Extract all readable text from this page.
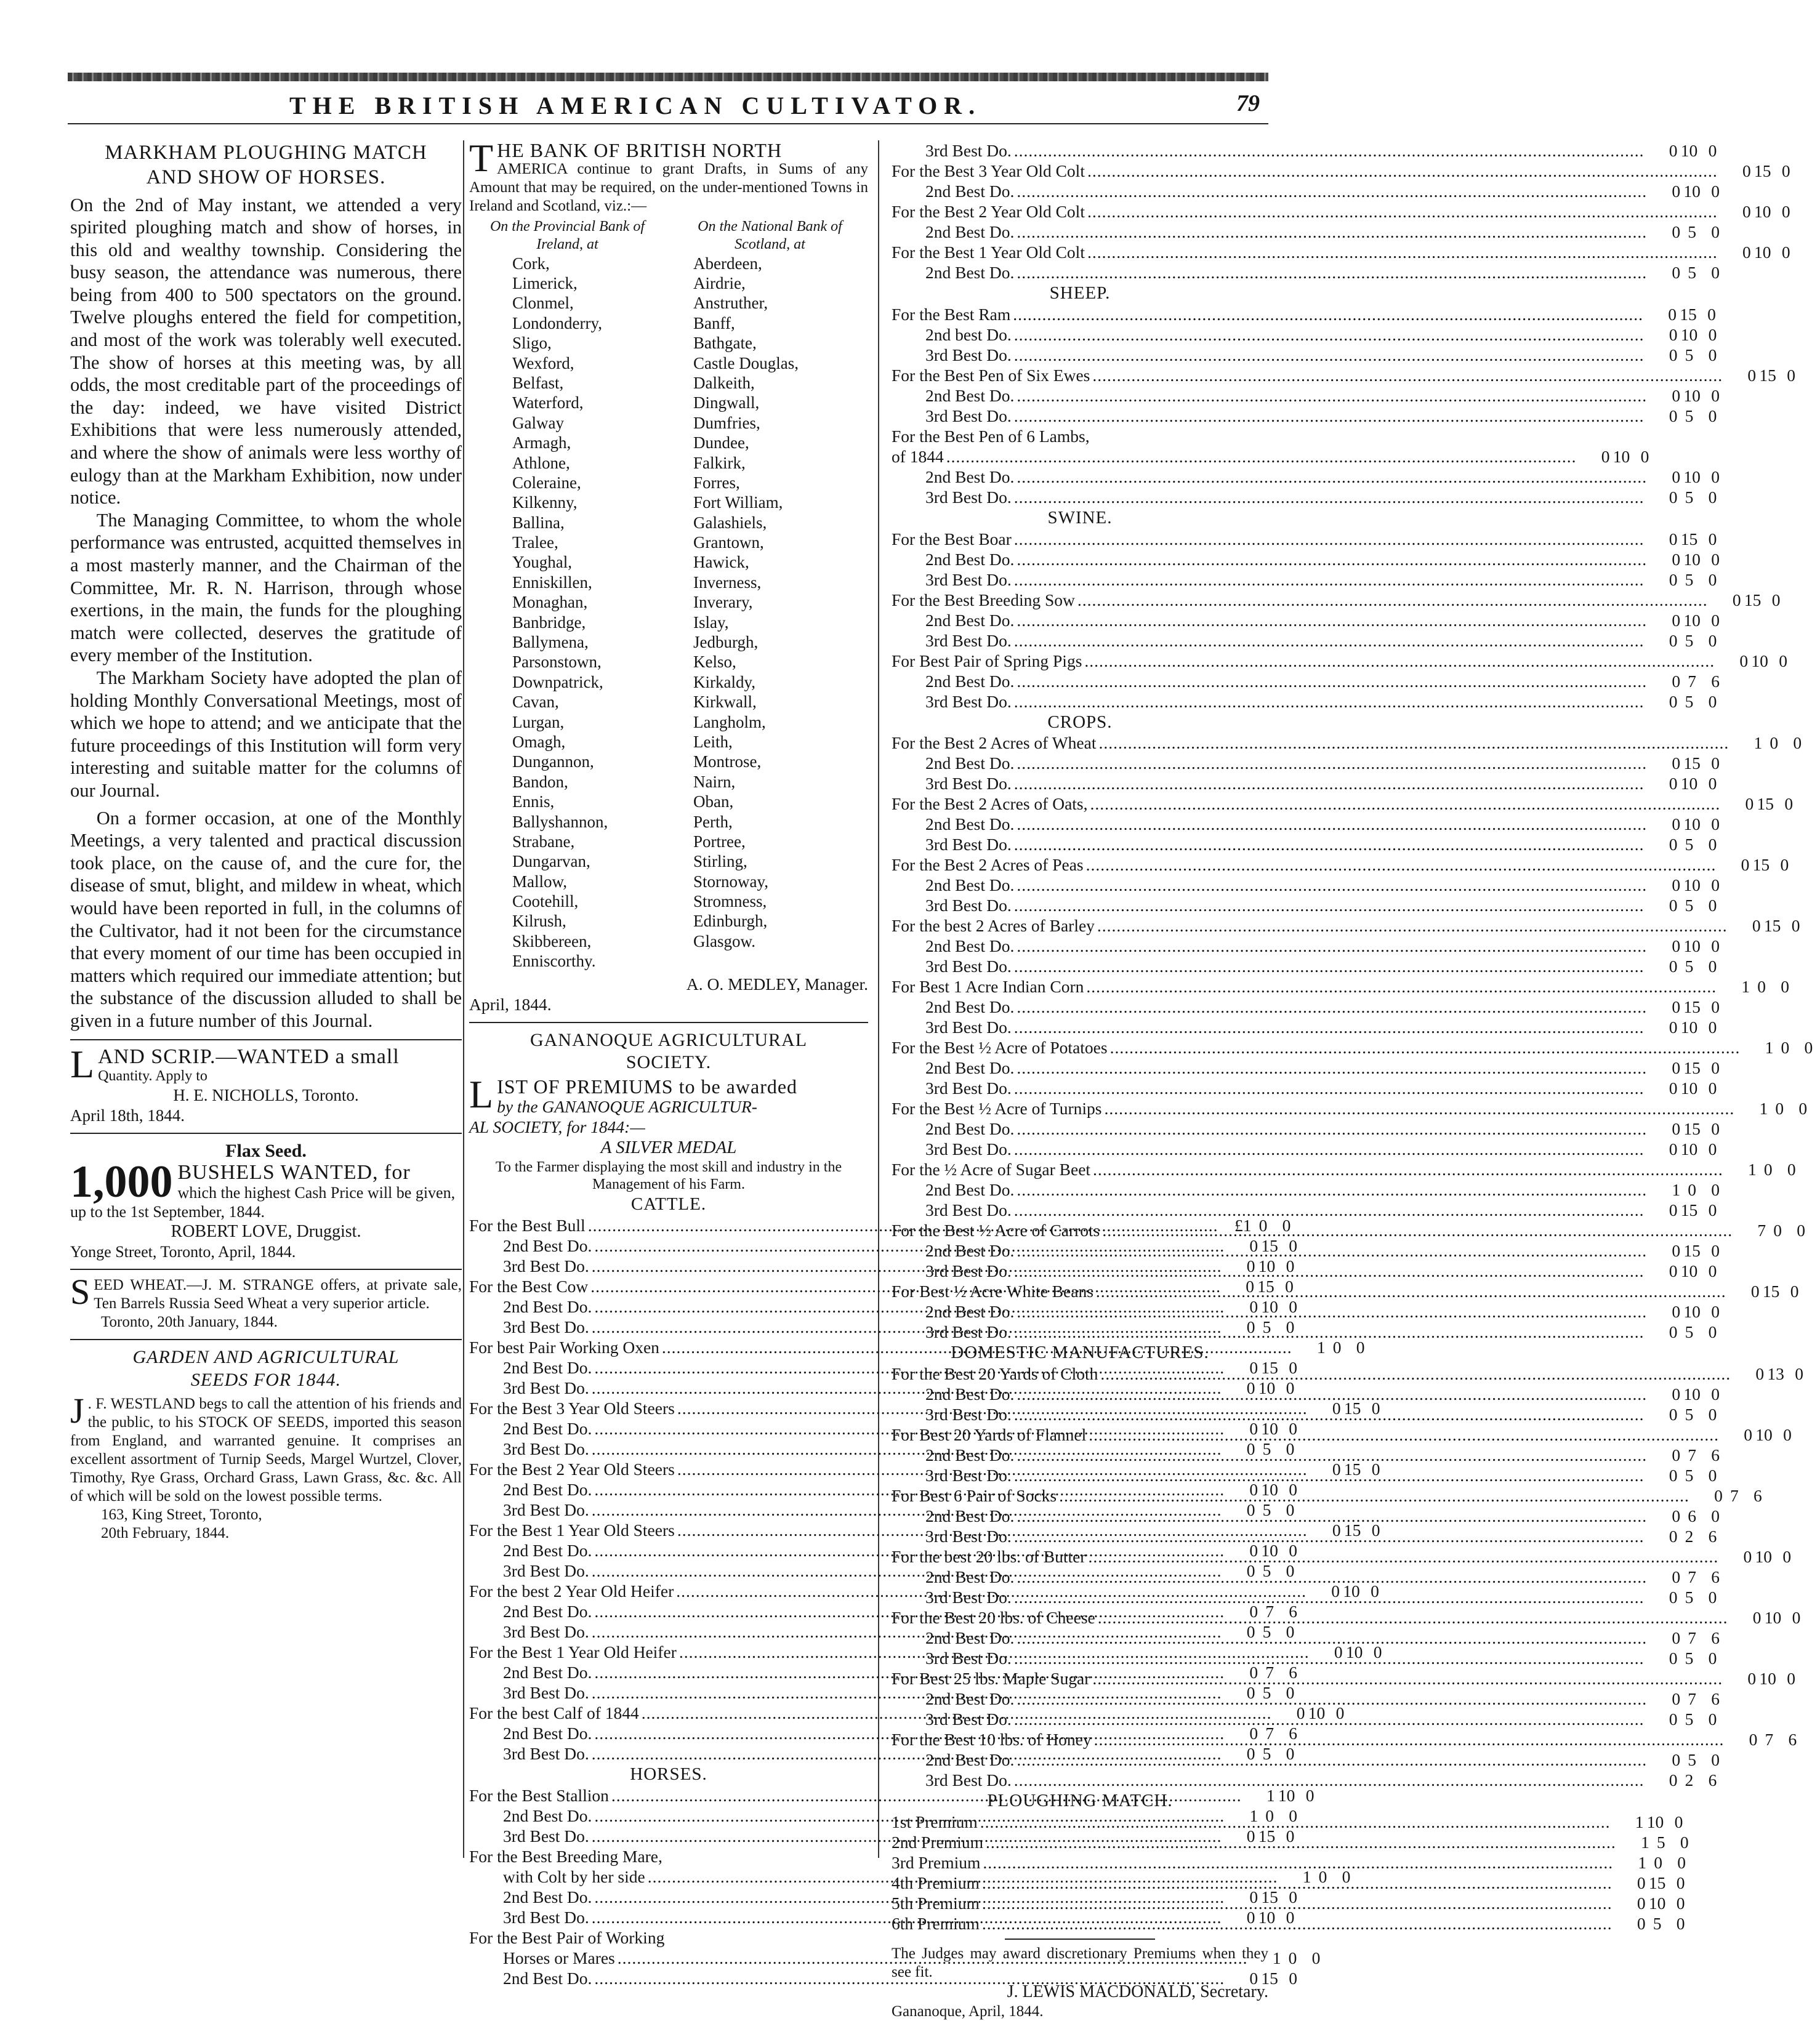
THE BRITISH AMERICAN CULTIVATOR.	79
MARKHAM PLOUGHING MATCH
AND SHOW OF HORSES.
On the 2nd of May instant, we attended a very spirited ploughing match and show of horses, in this old and wealthy township. Considering the busy season, the attendance was numerous, there being from 400 to 500 spectators on the ground. Twelve ploughs entered the field for competition, and most of the work was tolerably well executed. The show of horses at this meeting was, by all odds, the most creditable part of the proceedings of the day: indeed, we have visited District Exhibitions that were less numerously attended, and where the show of animals were less worthy of eulogy than at the Markham Exhibition, now under notice.
The Managing Committee, to whom the whole performance was entrusted, acquitted themselves in a most masterly manner, and the Chairman of the Committee, Mr. R. N. Harrison, through whose exertions, in the main, the funds for the ploughing match were collected, deserves the gratitude of every member of the Institution.
The Markham Society have adopted the plan of holding Monthly Conversational Meetings, most of which we hope to attend; and we anticipate that the future proceedings of this Institution will form very interesting and suitable matter for the columns of our Journal.
On a former occasion, at one of the Monthly Meetings, a very talented and practical discussion took place, on the cause of, and the cure for, the disease of smut, blight, and mildew in wheat, which would have been reported in full, in the columns of the Cultivator, had it not been for the circumstance that every moment of our time has been occupied in matters which required our immediate attention; but the substance of the discussion alluded to shall be given in a future number of this Journal.
L AND SCRIP.—WANTED a small
Quantity. Apply to
H. E. NICHOLLS, Toronto.
April 18th, 1844.
Flax Seed.
1,000 BUSHELS WANTED, for
which the highest Cash Price will be given, up to the 1st September, 1844.
ROBERT LOVE, Druggist.
Yonge Street, Toronto, April, 1844.
S EED WHEAT.—J. M. STRANGE offers, at private sale, Ten Barrels Russia Seed Wheat a very superior article.
Toronto, 20th January, 1844.
GARDEN AND AGRICULTURAL
SEEDS FOR 1844.
J . F. WESTLAND begs to call the attention of his friends and the public, to his STOCK OF SEEDS, imported this season from England, and warranted genuine. It comprises an excellent assortment of Turnip Seeds, Margel Wurtzel, Clover, Timothy, Rye Grass, Orchard Grass, Lawn Grass, &c. &c. All of which will be sold on the lowest possible terms.
163, King Street, Toronto,
20th February, 1844.
T HE BANK OF BRITISH NORTH
AMERICA continue to grant Drafts, in Sums of any Amount that may be required, on the under-mentioned Towns in Ireland and Scotland, viz.:—
On the Provincial Bank of Ireland, at
On the National Bank of Scotland, at
Cork,	Aberdeen,
Limerick,	Airdrie,
Clonmel,	Anstruther,
Londonderry,	Banff,
Sligo,	Bathgate,
Wexford,	Castle Douglas,
Belfast,	Dalkeith,
Waterford,	Dingwall,
Galway	Dumfries,
Armagh,	Dundee,
Athlone,	Falkirk,
Coleraine,	Forres,
Kilkenny,	Fort William,
Ballina,	Galashiels,
Tralee,	Grantown,
Youghal,	Hawick,
Enniskillen,	Inverness,
Monaghan,	Inverary,
Banbridge,	Islay,
Ballymena,	Jedburgh,
Parsonstown,	Kelso,
Downpatrick,	Kirkaldy,
Cavan,	Kirkwall,
Lurgan,	Langholm,
Omagh,	Leith,
Dungannon,	Montrose,
Bandon,	Nairn,
Ennis,	Oban,
Ballyshannon,	Perth,
Strabane,	Portree,
Dungarvan,	Stirling,
Mallow,	Stornoway,
Cootehill,	Stromness,
Kilrush,	Edinburgh,
Skibbereen,	Glasgow.
Enniscorthy.
A. O. MEDLEY, Manager.
April, 1844.
GANANOQUE AGRICULTURAL
SOCIETY.
L IST OF PREMIUMS to be awarded
by the GANANOQUE AGRICULTUR-
AL SOCIETY, for 1844:—
A SILVER MEDAL
To the Farmer displaying the most skill and industry in the Management of his Farm.
CATTLE.
For the Best Bull .....	£1 0 0
2nd Best Do. .....	0 15 0
3rd Best Do. .....	0 10 0
For the Best Cow .....	0 15 0
2nd Best Do. .....	0 10 0
3rd Best Do. .....	0 5 0
For best Pair Working Oxen .....	1 0 0
2nd Best Do. .....	0 15 0
3rd Best Do. .....	0 10 0
For the Best 3 Year Old Steers .....	0 15 0
2nd Best Do. .....	0 10 0
3rd Best Do. .....	0 5 0
For the Best 2 Year Old Steers .....	0 15 0
2nd Best Do. .....	0 10 0
3rd Best Do. .....	0 5 0
For the Best 1 Year Old Steers .....	0 15 0
2nd Best Do. .....	0 10 0
3rd Best Do. .....	0 5 0
For the best 2 Year Old Heifer .....	0 10 0
2nd Best Do. .....	0 7 6
3rd Best Do. .....	0 5 0
For the Best 1 Year Old Heifer .....	0 10 0
2nd Best Do. .....	0 7 6
3rd Best Do. .....	0 5 0
For the best Calf of 1844 .....	0 10 0
2nd Best Do. .....	0 7 6
3rd Best Do. .....	0 5 0
HORSES.
For the Best Stallion .....	1 10 0
2nd Best Do. .....	1 0 0
3rd Best Do. .....	0 15 0
For the Best Breeding Mare,
with Colt by her side .....	1 0 0
2nd Best Do. .....	0 15 0
3rd Best Do. .....	0 10 0
For the Best Pair of Working
Horses or Mares .....	1 0 0
2nd Best Do. .....	0 15 0
3rd Best Do. .....	0 10 0
For the Best 3 Year Old Colt .....	0 15 0
2nd Best Do. .....	0 10 0
For the Best 2 Year Old Colt .....	0 10 0
2nd Best Do. .....	0 5 0
For the Best 1 Year Old Colt .....	0 10 0
2nd Best Do. .....	0 5 0
SHEEP.
For the Best Ram .....	0 15 0
2nd best Do. .....	0 10 0
3rd Best Do. .....	0 5 0
For the Best Pen of Six Ewes .....	0 15 0
2nd Best Do. .....	0 10 0
3rd Best Do. .....	0 5 0
For the Best Pen of 6 Lambs,
of 1844 .....	0 10 0
2nd Best Do. .....	0 10 0
3rd Best Do. .....	0 5 0
SWINE.
For the Best Boar .....	0 15 0
2nd Best Do. .....	0 10 0
3rd Best Do. .....	0 5 0
For the Best Breeding Sow .....	0 15 0
2nd Best Do. .....	0 10 0
3rd Best Do. .....	0 5 0
For Best Pair of Spring Pigs .....	0 10 0
2nd Best Do. .....	0 7 6
3rd Best Do. .....	0 5 0
CROPS.
For the Best 2 Acres of Wheat .....	1 0 0
2nd Best Do. .....	0 15 0
3rd Best Do. .....	0 10 0
For the Best 2 Acres of Oats, .....	0 15 0
2nd Best Do. .....	0 10 0
3rd Best Do. .....	0 5 0
For the Best 2 Acres of Peas .....	0 15 0
2nd Best Do. .....	0 10 0
3rd Best Do. .....	0 5 0
For the best 2 Acres of Barley .....	0 15 0
2nd Best Do. .....	0 10 0
3rd Best Do. .....	0 5 0
For Best 1 Acre Indian Corn .....	1 0 0
2nd Best Do. .....	0 15 0
3rd Best Do. .....	0 10 0
For the Best ½ Acre of Potatoes .....	1 0 0
2nd Best Do. .....	0 15 0
3rd Best Do. .....	0 10 0
For the Best ½ Acre of Turnips .....	1 0 0
2nd Best Do. .....	0 15 0
3rd Best Do. .....	0 10 0
For the ½ Acre of Sugar Beet .....	1 0 0
2nd Best Do. .....	1 0 0
3rd Best Do. .....	0 15 0
For the Best ½ Acre of Carrots .....	7 0 0
2nd Best Do. .....	0 15 0
3rd Best Do. .....	0 10 0
For Best ½ Acre White Beans .....	0 15 0
2nd Best Do. .....	0 10 0
3rd Best Do. .....	0 5 0
DOMESTIC MANUFACTURES.
For the Best 20 Yards of Cloth .....	0 13 0
2nd Best Do. .....	0 10 0
3rd Best Do. .....	0 5 0
For Best 20 Yards of Flannel .....	0 10 0
2nd Best Do. .....	0 7 6
3rd Best Do. .....	0 5 0
For Best 6 Pair of Socks .....	0 7 6
2nd Best Do. .....	0 6 0
3rd Best Do. .....	0 2 6
For the best 20 lbs. of Butter .....	0 10 0
2nd Best Do. .....	0 7 6
3rd Best Do. .....	0 5 0
For the Best 20 lbs. of Cheese .....	0 10 0
2nd Best Do. .....	0 7 6
3rd Best Do. .....	0 5 0
For Best 25 lbs. Maple Sugar .....	0 10 0
2nd Best Do. .....	0 7 6
3rd Best Do. .....	0 5 0
For the Best 10 lbs. of Honey .....	0 7 6
2nd Best Do. .....	0 5 0
3rd Best Do. .....	0 2 6
PLOUGHING MATCH.
1st Premium .....	1 10 0
2nd Premium .....	1 5 0
3rd Premium .....	1 0 0
4th Premium .....	0 15 0
5th Premium .....	0 10 0
6th Premium .....	0 5 0
The Judges may award discretionary Premiums when they see fit.
J. LEWIS MACDONALD, Secretary.
Gananoque, April, 1844.
